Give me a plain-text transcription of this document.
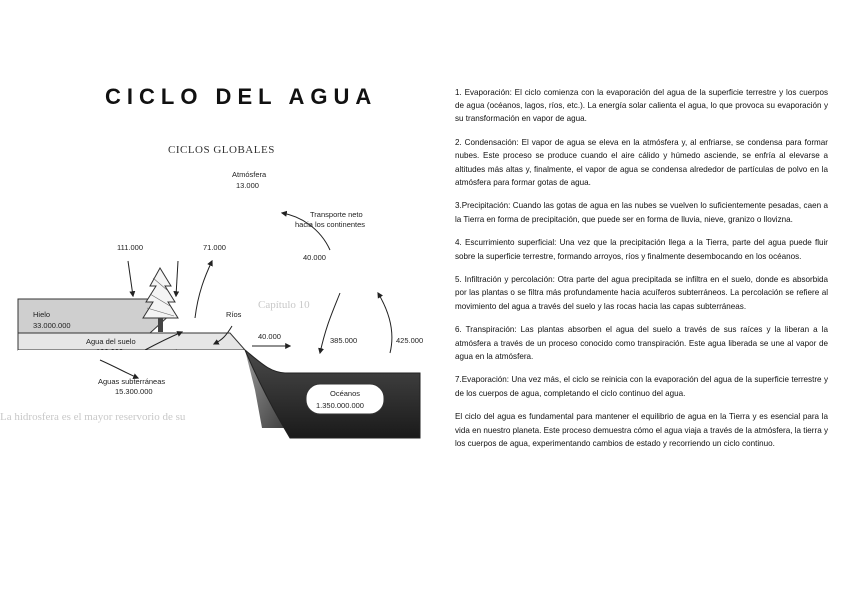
CICLO DEL AGUA
Capítulo 10
La hidrosfera es el mayor reservorio de su
CICLOS GLOBALES
Atmósfera
13.000
Transporte neto
hacia los continentes
40.000
111.000	71.000
Hielo
33.000.000
Agua del suelo
Ríos
40.000
Océanos
1.350.000.000
385.000	425.000
Aguas subterráneas
15.300.000

1. Evaporación: El ciclo comienza con la evaporación del agua de la superficie terrestre y los cuerpos de agua (océanos, lagos, ríos, etc.). La energía solar calienta el agua, lo que provoca su evaporación y su transformación en vapor de agua.

2. Condensación: El vapor de agua se eleva en la atmósfera y, al enfriarse, se condensa para formar nubes. Este proceso se produce cuando el aire cálido y húmedo asciende, se enfría al elevarse a altitudes más altas y, finalmente, el vapor de agua se condensa alrededor de partículas de polvo en la atmósfera para formar gotas de agua.

3.Precipitación: Cuando las gotas de agua en las nubes se vuelven lo suficientemente pesadas, caen a la Tierra en forma de precipitación, que puede ser en forma de lluvia, nieve, granizo o llovizna.

4. Escurrimiento superficial: Una vez que la precipitación llega a la Tierra, parte del agua puede fluir sobre la superficie terrestre, formando arroyos, ríos y finalmente desembocando en los océanos.

5. Infiltración y percolación: Otra parte del agua precipitada se infiltra en el suelo, donde es absorbida por las plantas o se filtra más profundamente hacia acuíferos subterráneos. La percolación se refiere al movimiento del agua a través del suelo y las rocas hacia las capas subterráneas.

6. Transpiración: Las plantas absorben el agua del suelo a través de sus raíces y la liberan a la atmósfera a través de un proceso conocido como transpiración. Este agua liberada se une al vapor de agua en la atmósfera.

7.Evaporación: Una vez más, el ciclo se reinicia con la evaporación del agua de la superficie terrestre y de los cuerpos de agua, completando el ciclo continuo del agua.

El ciclo del agua es fundamental para mantener el equilibrio de agua en la Tierra y es esencial para la vida en nuestro planeta. Este proceso demuestra cómo el agua viaja a través de la atmósfera, la tierra y los cuerpos de agua, experimentando cambios de estado y recorriendo un ciclo continuo.
